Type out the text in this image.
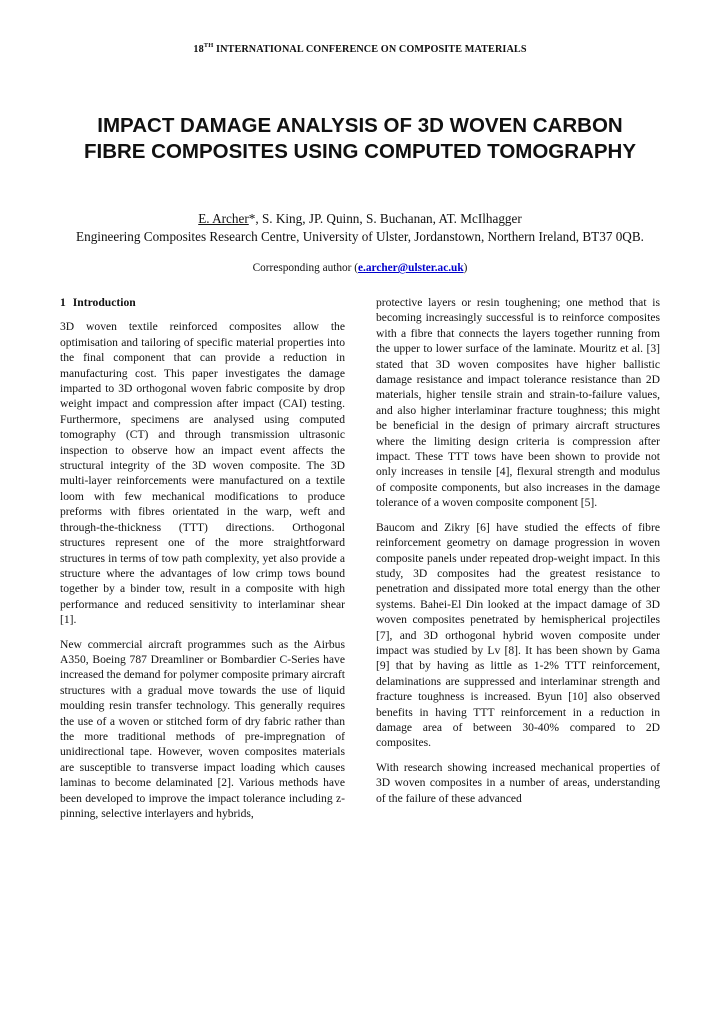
18TH INTERNATIONAL CONFERENCE ON COMPOSITE MATERIALS
IMPACT DAMAGE ANALYSIS OF 3D WOVEN CARBON FIBRE COMPOSITES USING COMPUTED TOMOGRAPHY
E. Archer*, S. King, JP. Quinn, S. Buchanan, AT. McIlhagger
Engineering Composites Research Centre, University of Ulster, Jordanstown, Northern Ireland, BT37 0QB.
Corresponding author (e.archer@ulster.ac.uk)
1 Introduction

3D woven textile reinforced composites allow the optimisation and tailoring of specific material properties into the final component that can provide a reduction in manufacturing cost. This paper investigates the damage imparted to 3D orthogonal woven fabric composite by drop weight impact and compression after impact (CAI) testing. Furthermore, specimens are analysed using computed tomography (CT) and through transmission ultrasonic inspection to observe how an impact event affects the structural integrity of the 3D woven composite. The 3D multi-layer reinforcements were manufactured on a textile loom with few mechanical modifications to produce preforms with fibres orientated in the warp, weft and through-the-thickness (TTT) directions. Orthogonal structures represent one of the more straightforward structures in terms of tow path complexity, yet also provide a structure where the advantages of low crimp tows bound together by a binder tow, result in a composite with high performance and reduced sensitivity to interlaminar shear [1].

New commercial aircraft programmes such as the Airbus A350, Boeing 787 Dreamliner or Bombardier C-Series have increased the demand for polymer composite primary aircraft structures with a gradual move towards the use of liquid moulding resin transfer technology. This generally requires the use of a woven or stitched form of dry fabric rather than the more traditional methods of pre-impregnation of unidirectional tape. However, woven composites materials are susceptible to transverse impact loading which causes laminas to become delaminated [2]. Various methods have been developed to improve the impact tolerance including z-pinning, selective interlayers and hybrids,

protective layers or resin toughening; one method that is becoming increasingly successful is to reinforce composites with a fibre that connects the layers together running from the upper to lower surface of the laminate. Mouritz et al. [3] stated that 3D woven composites have higher ballistic damage resistance and impact tolerance resistance than 2D materials, higher tensile strain and strain-to-failure values, and also higher interlaminar fracture toughness; this might be beneficial in the design of primary aircraft structures where the limiting design criteria is compression after impact. These TTT tows have been shown to provide not only increases in tensile [4], flexural strength and modulus of composite components, but also increases in the damage tolerance of a woven composite component [5].

Baucom and Zikry [6] have studied the effects of fibre reinforcement geometry on damage progression in woven composite panels under repeated drop-weight impact. In this study, 3D composites had the greatest resistance to penetration and dissipated more total energy than the other systems. Bahei-El Din looked at the impact damage of 3D woven composites penetrated by hemispherical projectiles [7], and 3D orthogonal hybrid woven composite under impact was studied by Lv [8]. It has been shown by Gama [9] that by having as little as 1-2% TTT reinforcement, delaminations are suppressed and interlaminar strength and fracture toughness is increased. Byun [10] also observed benefits in having TTT reinforcement in a reduction in damage area of between 30-40% compared to 2D composites.

With research showing increased mechanical properties of 3D woven composites in a number of areas, understanding of the failure of these advanced
